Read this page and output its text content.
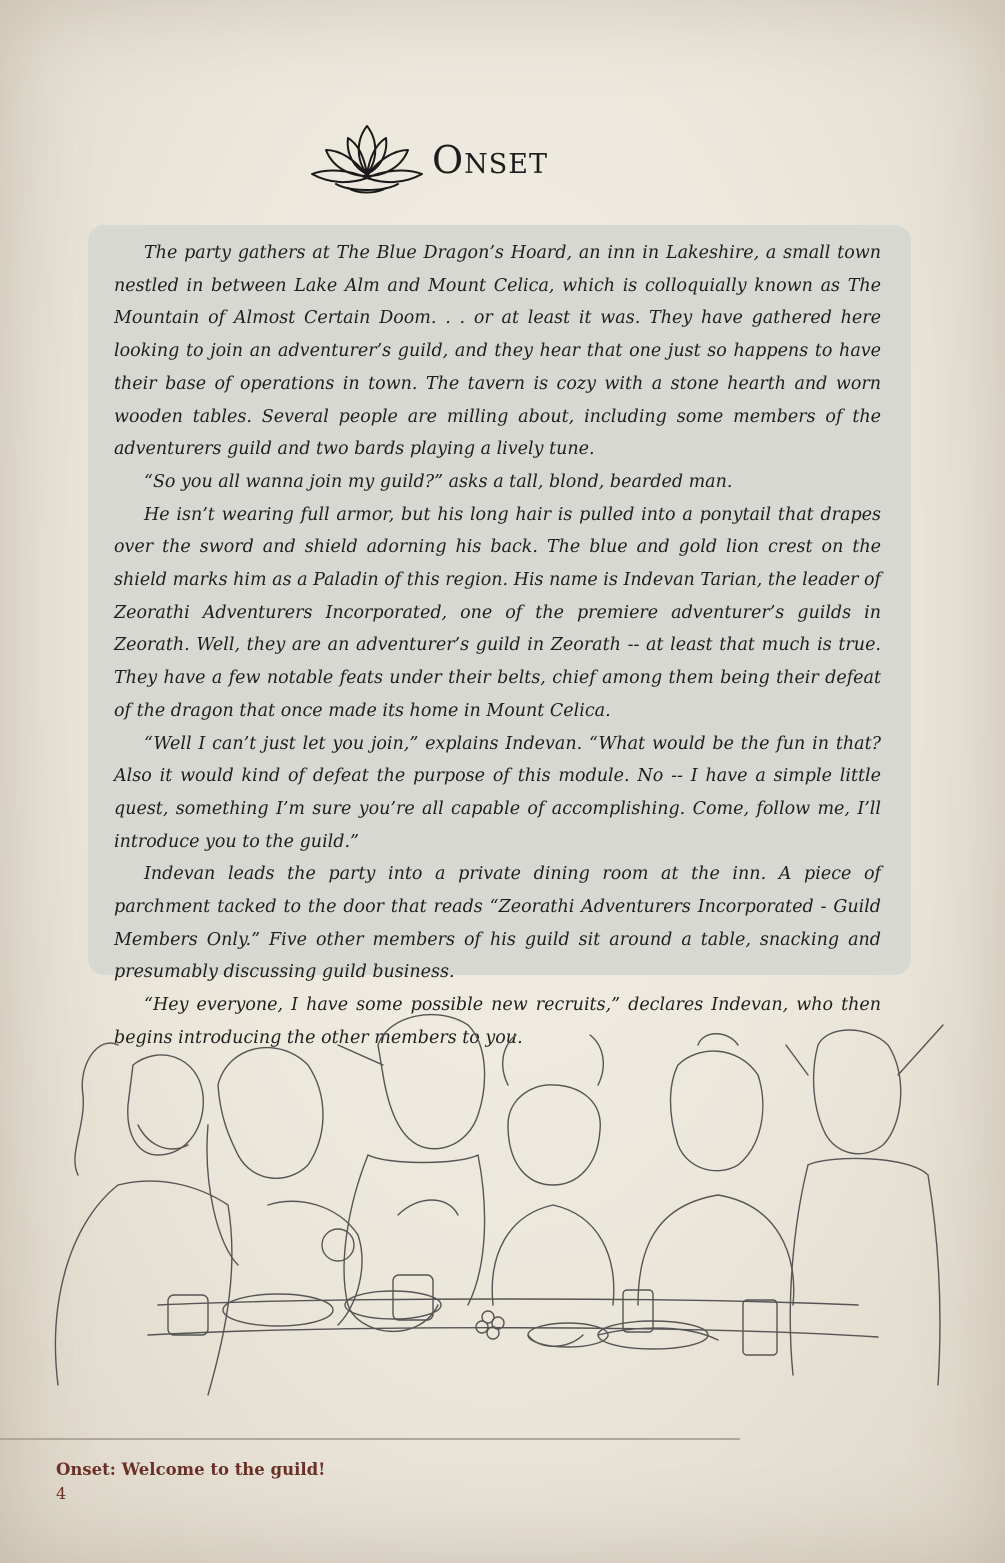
Onset

The party gathers at The Blue Dragon’s Hoard, an inn in Lakeshire, a small town nestled in between Lake Alm and Mount Celica, which is colloquially known as The Mountain of Almost Certain Doom. . . or at least it was. They have gathered here looking to join an adventurer’s guild, and they hear that one just so happens to have their base of operations in town. The tavern is cozy with a stone hearth and worn wooden tables. Several people are milling about, including some members of the adventurers guild and two bards playing a lively tune.

“So you all wanna join my guild?” asks a tall, blond, bearded man.

He isn’t wearing full armor, but his long hair is pulled into a ponytail that drapes over the sword and shield adorning his back. The blue and gold lion crest on the shield marks him as a Paladin of this region. His name is Indevan Tarian, the leader of Zeorathi Adventurers Incorporated, one of the premiere adventurer’s guilds in Zeorath. Well, they are an adventurer’s guild in Zeorath -- at least that much is true. They have a few notable feats under their belts, chief among them being their defeat of the dragon that once made its home in Mount Celica.

“Well I can’t just let you join,” explains Indevan. “What would be the fun in that? Also it would kind of defeat the purpose of this module. No -- I have a simple little quest, something I’m sure you’re all capable of accomplishing. Come, follow me, I’ll introduce you to the guild.”

Indevan leads the party into a private dining room at the inn. A piece of parchment tacked to the door that reads “Zeorathi Adventurers Incorporated - Guild Members Only.” Five other members of his guild sit around a table, snacking and presumably discussing guild business.

“Hey everyone, I have some possible new recruits,” declares Indevan, who then begins introducing the other members to you.

Onset: Welcome to the guild!
4
